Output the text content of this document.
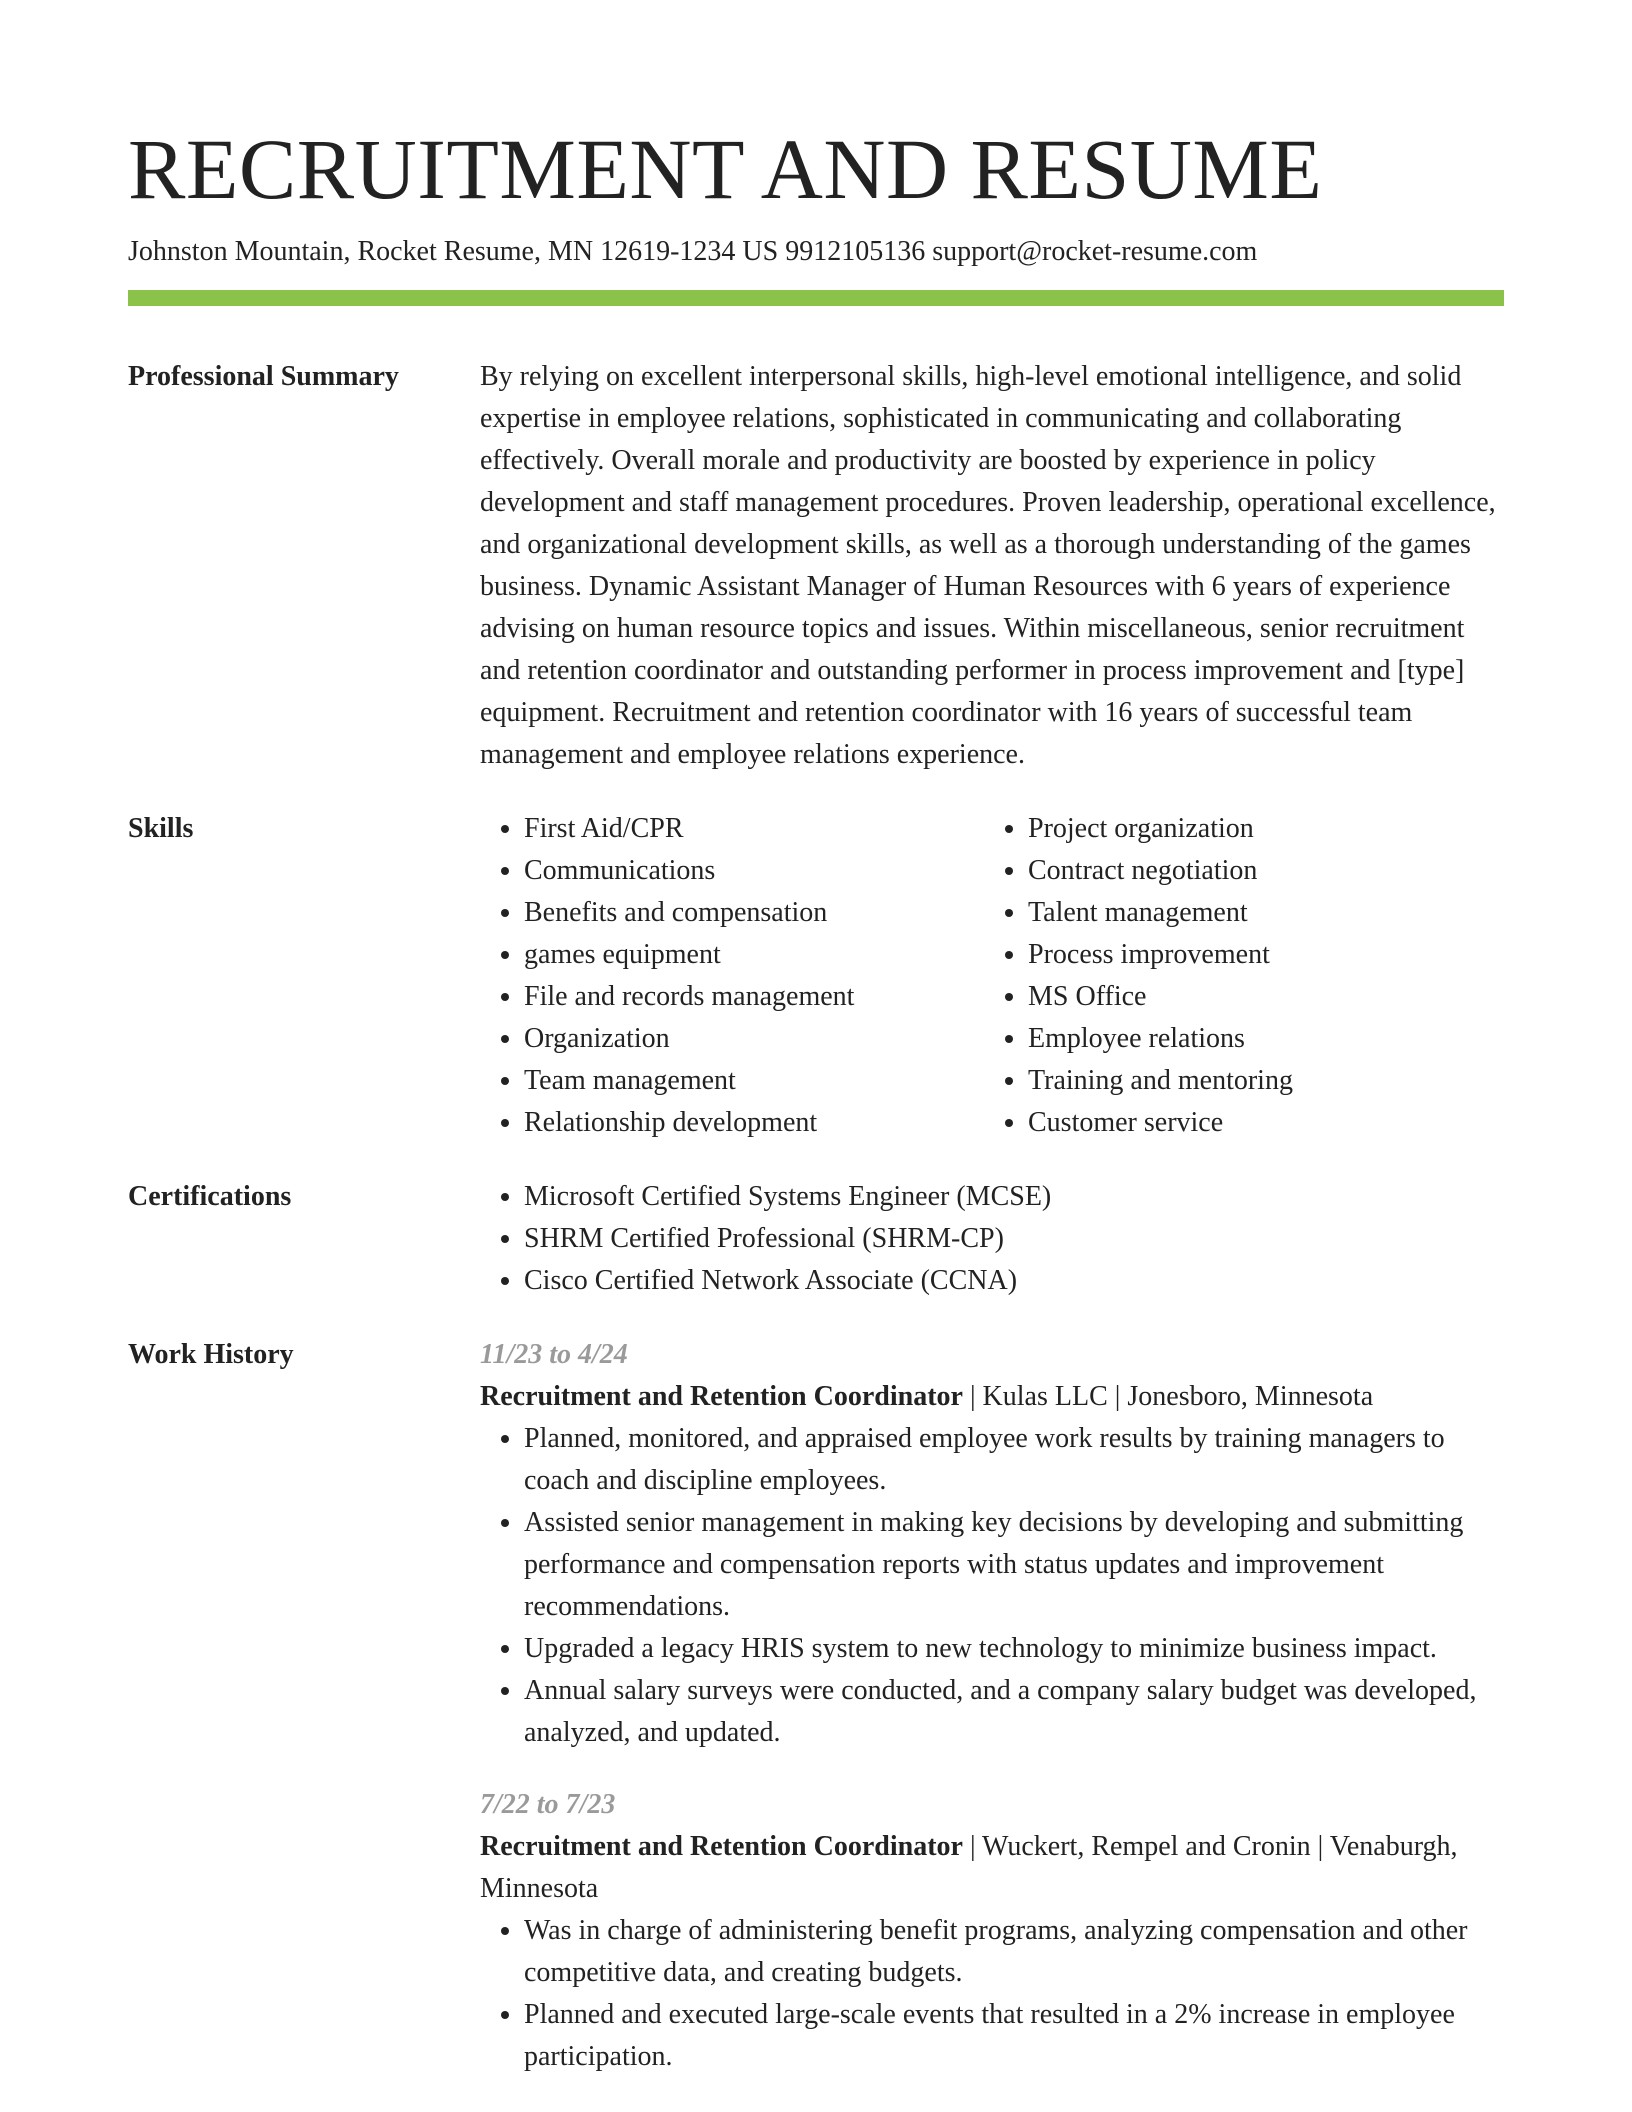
RECRUITMENT AND RESUME
Johnston Mountain, Rocket Resume, MN 12619-1234 US 9912105136 support@rocket-resume.com
Professional Summary	By relying on excellent interpersonal skills, high-level emotional intelligence, and solid expertise in employee relations, sophisticated in communicating and collaborating effectively. Overall morale and productivity are boosted by experience in policy development and staff management procedures. Proven leadership, operational excellence, and organizational development skills, as well as a thorough understanding of the games business. Dynamic Assistant Manager of Human Resources with 6 years of experience advising on human resource topics and issues. Within miscellaneous, senior recruitment and retention coordinator and outstanding performer in process improvement and [type] equipment. Recruitment and retention coordinator with 16 years of successful team management and employee relations experience.

Skills	• First Aid/CPR
• Communications
• Benefits and compensation
• games equipment
• File and records management
• Organization
• Team management
• Relationship development
• Project organization
• Contract negotiation
• Talent management
• Process improvement
• MS Office
• Employee relations
• Training and mentoring
• Customer service
Certifications	• Microsoft Certified Systems Engineer (MCSE)
• SHRM Certified Professional (SHRM-CP)
• Cisco Certified Network Associate (CCNA)
Work History	11/23 to 4/24

Recruitment and Retention Coordinator | Kulas LLC | Jonesboro, Minnesota

• Planned, monitored, and appraised employee work results by training managers to coach and discipline employees.
• Assisted senior management in making key decisions by developing and submitting performance and compensation reports with status updates and improvement recommendations.
• Upgraded a legacy HRIS system to new technology to minimize business impact.
• Annual salary surveys were conducted, and a company salary budget was developed, analyzed, and updated.
7/22 to 7/23

Recruitment and Retention Coordinator | Wuckert, Rempel and Cronin | Venaburgh, Minnesota

• Was in charge of administering benefit programs, analyzing compensation and other competitive data, and creating budgets.
• Planned and executed large-scale events that resulted in a 2% increase in employee participation.
